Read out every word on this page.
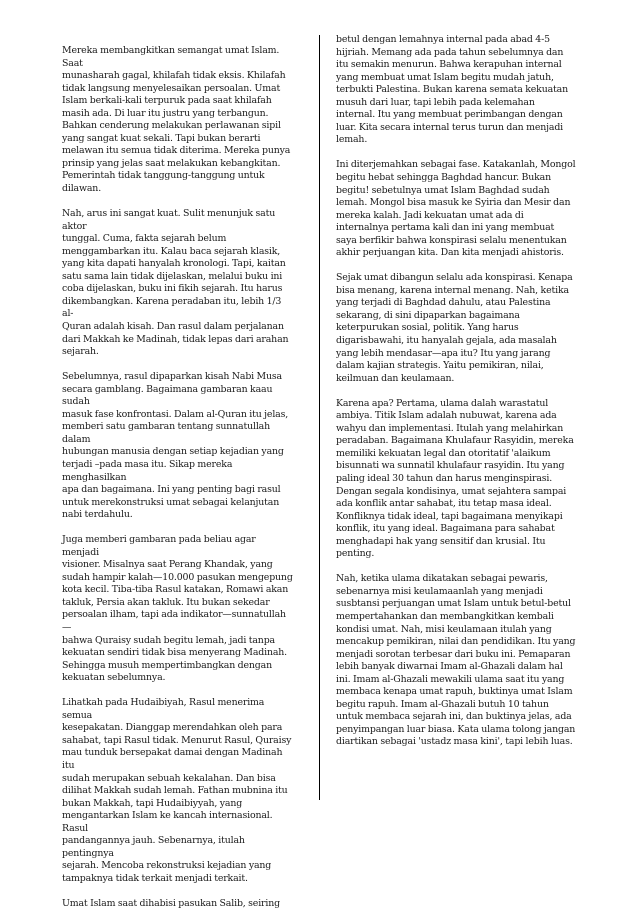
Mereka membangkitkan semangat umat Islam. Saat
munasharah gagal, khilafah tidak eksis. Khilafah
tidak langsung menyelesaikan persoalan. Umat
Islam berkali-kali terpuruk pada saat khilafah
masih ada. Di luar itu justru yang terbangun.
Bahkan cenderung melakukan perlawanan sipil
yang sangat kuat sekali. Tapi bukan berarti
melawan itu semua tidak diterima. Mereka punya
prinsip yang jelas saat melakukan kebangkitan.
Pemerintah tidak tanggung-tanggung untuk
dilawan.

Nah, arus ini sangat kuat. Sulit menunjuk satu aktor
tunggal. Cuma, fakta sejarah belum
menggambarkan itu. Kalau baca sejarah klasik,
yang kita dapati hanyalah kronologi. Tapi, kaitan
satu sama lain tidak dijelaskan, melalui buku ini
coba dijelaskan, buku ini fikih sejarah. Itu harus
dikembangkan. Karena peradaban itu, lebih 1/3 al-
Quran adalah kisah. Dan rasul dalam perjalanan
dari Makkah ke Madinah, tidak lepas dari arahan
sejarah.

Sebelumnya, rasul dipaparkan kisah Nabi Musa
secara gamblang. Bagaimana gambaran kaau sudah
masuk fase konfrontasi. Dalam al-Quran itu jelas,
memberi satu gambaran tentang sunnatullah dalam
hubungan manusia dengan setiap kejadian yang
terjadi –pada masa itu. Sikap mereka menghasilkan
apa dan bagaimana. Ini yang penting bagi rasul
untuk merekonstruksi umat sebagai kelanjutan
nabi terdahulu.

Juga memberi gambaran pada beliau agar menjadi
visioner. Misalnya saat Perang Khandak, yang
sudah hampir kalah—10.000 pasukan mengepung
kota kecil. Tiba-tiba Rasul katakan, Romawi akan
takluk, Persia akan takluk. Itu bukan sekedar
persoalan ilham, tapi ada indikator—sunnatullah—
bahwa Quraisy sudah begitu lemah, jadi tanpa
kekuatan sendiri tidak bisa menyerang Madinah.
Sehingga musuh mempertimbangkan dengan
kekuatan sebelumnya.

Lihatkah pada Hudaibiyah, Rasul menerima semua
kesepakatan. Dianggap merendahkan oleh para
sahabat, tapi Rasul tidak. Menurut Rasul, Quraisy
mau tunduk bersepakat damai dengan Madinah itu
sudah merupakan sebuah kekalahan. Dan bisa
dilihat Makkah sudah lemah. Fathan mubnina itu
bukan Makkah, tapi Hudaibiyyah, yang
mengantarkan Islam ke kancah internasional. Rasul
pandangannya jauh. Sebenarnya, itulah pentingnya
sejarah. Mencoba rekonstruksi kejadian yang
tampaknya tidak terkait menjadi terkait.

Umat Islam saat dihabisi pasukan Salib, seiring

betul dengan lemahnya internal pada abad 4-5
hijriah. Memang ada pada tahun sebelumnya dan
itu semakin menurun. Bahwa kerapuhan internal
yang membuat umat Islam begitu mudah jatuh,
terbukti Palestina. Bukan karena semata kekuatan
musuh dari luar, tapi lebih pada kelemahan
internal. Itu yang membuat perimbangan dengan
luar. Kita secara internal terus turun dan menjadi
lemah.

Ini diterjemahkan sebagai fase. Katakanlah, Mongol
begitu hebat sehingga Baghdad hancur. Bukan
begitu! sebetulnya umat Islam Baghdad sudah
lemah. Mongol bisa masuk ke Syiria dan Mesir dan
mereka kalah. Jadi kekuatan umat ada di
internalnya pertama kali dan ini yang membuat
saya berfikir bahwa konspirasi selalu menentukan
akhir perjuangan kita. Dan kita menjadi ahistoris.

Sejak umat dibangun selalu ada konspirasi. Kenapa
bisa menang, karena internal menang. Nah, ketika
yang terjadi di Baghdad dahulu, atau Palestina
sekarang, di sini dipaparkan bagaimana
keterpurukan sosial, politik. Yang harus
digarisbawahi, itu hanyalah gejala, ada masalah
yang lebih mendasar—apa itu? Itu yang jarang
dalam kajian strategis. Yaitu pemikiran, nilai,
keilmuan dan keulamaan.

Karena apa? Pertama, ulama dalah warastatul
ambiya. Titik Islam adalah nubuwat, karena ada
wahyu dan implementasi. Itulah yang melahirkan
peradaban. Bagaimana Khulafaur Rasyidin, mereka
memiliki kekuatan legal dan otoritatif 'alaikum
bisunnati wa sunnatil khulafaur rasyidin. Itu yang
paling ideal 30 tahun dan harus menginspirasi.
Dengan segala kondisinya, umat sejahtera sampai
ada konflik antar sahabat, itu tetap masa ideal.
Konfliknya tidak ideal, tapi bagaimana menyikapi
konflik, itu yang ideal. Bagaimana para sahabat
menghadapi hak yang sensitif dan krusial. Itu
penting.

Nah, ketika ulama dikatakan sebagai pewaris,
sebenarnya misi keulamaanlah yang menjadi
susbtansi perjuangan umat Islam untuk betul-betul
mempertahankan dan membangkitkan kembali
kondisi umat. Nah, misi keulamaan itulah yang
mencakup pemikiran, nilai dan pendidikan. Itu yang
menjadi sorotan terbesar dari buku ini. Pemaparan
lebih banyak diwarnai Imam al-Ghazali dalam hal
ini. Imam al-Ghazali mewakili ulama saat itu yang
membaca kenapa umat rapuh, buktinya umat Islam
begitu rapuh. Imam al-Ghazali butuh 10 tahun
untuk membaca sejarah ini, dan buktinya jelas, ada
penyimpangan luar biasa. Kata ulama tolong jangan
diartikan sebagai 'ustadz masa kini', tapi lebih luas.
